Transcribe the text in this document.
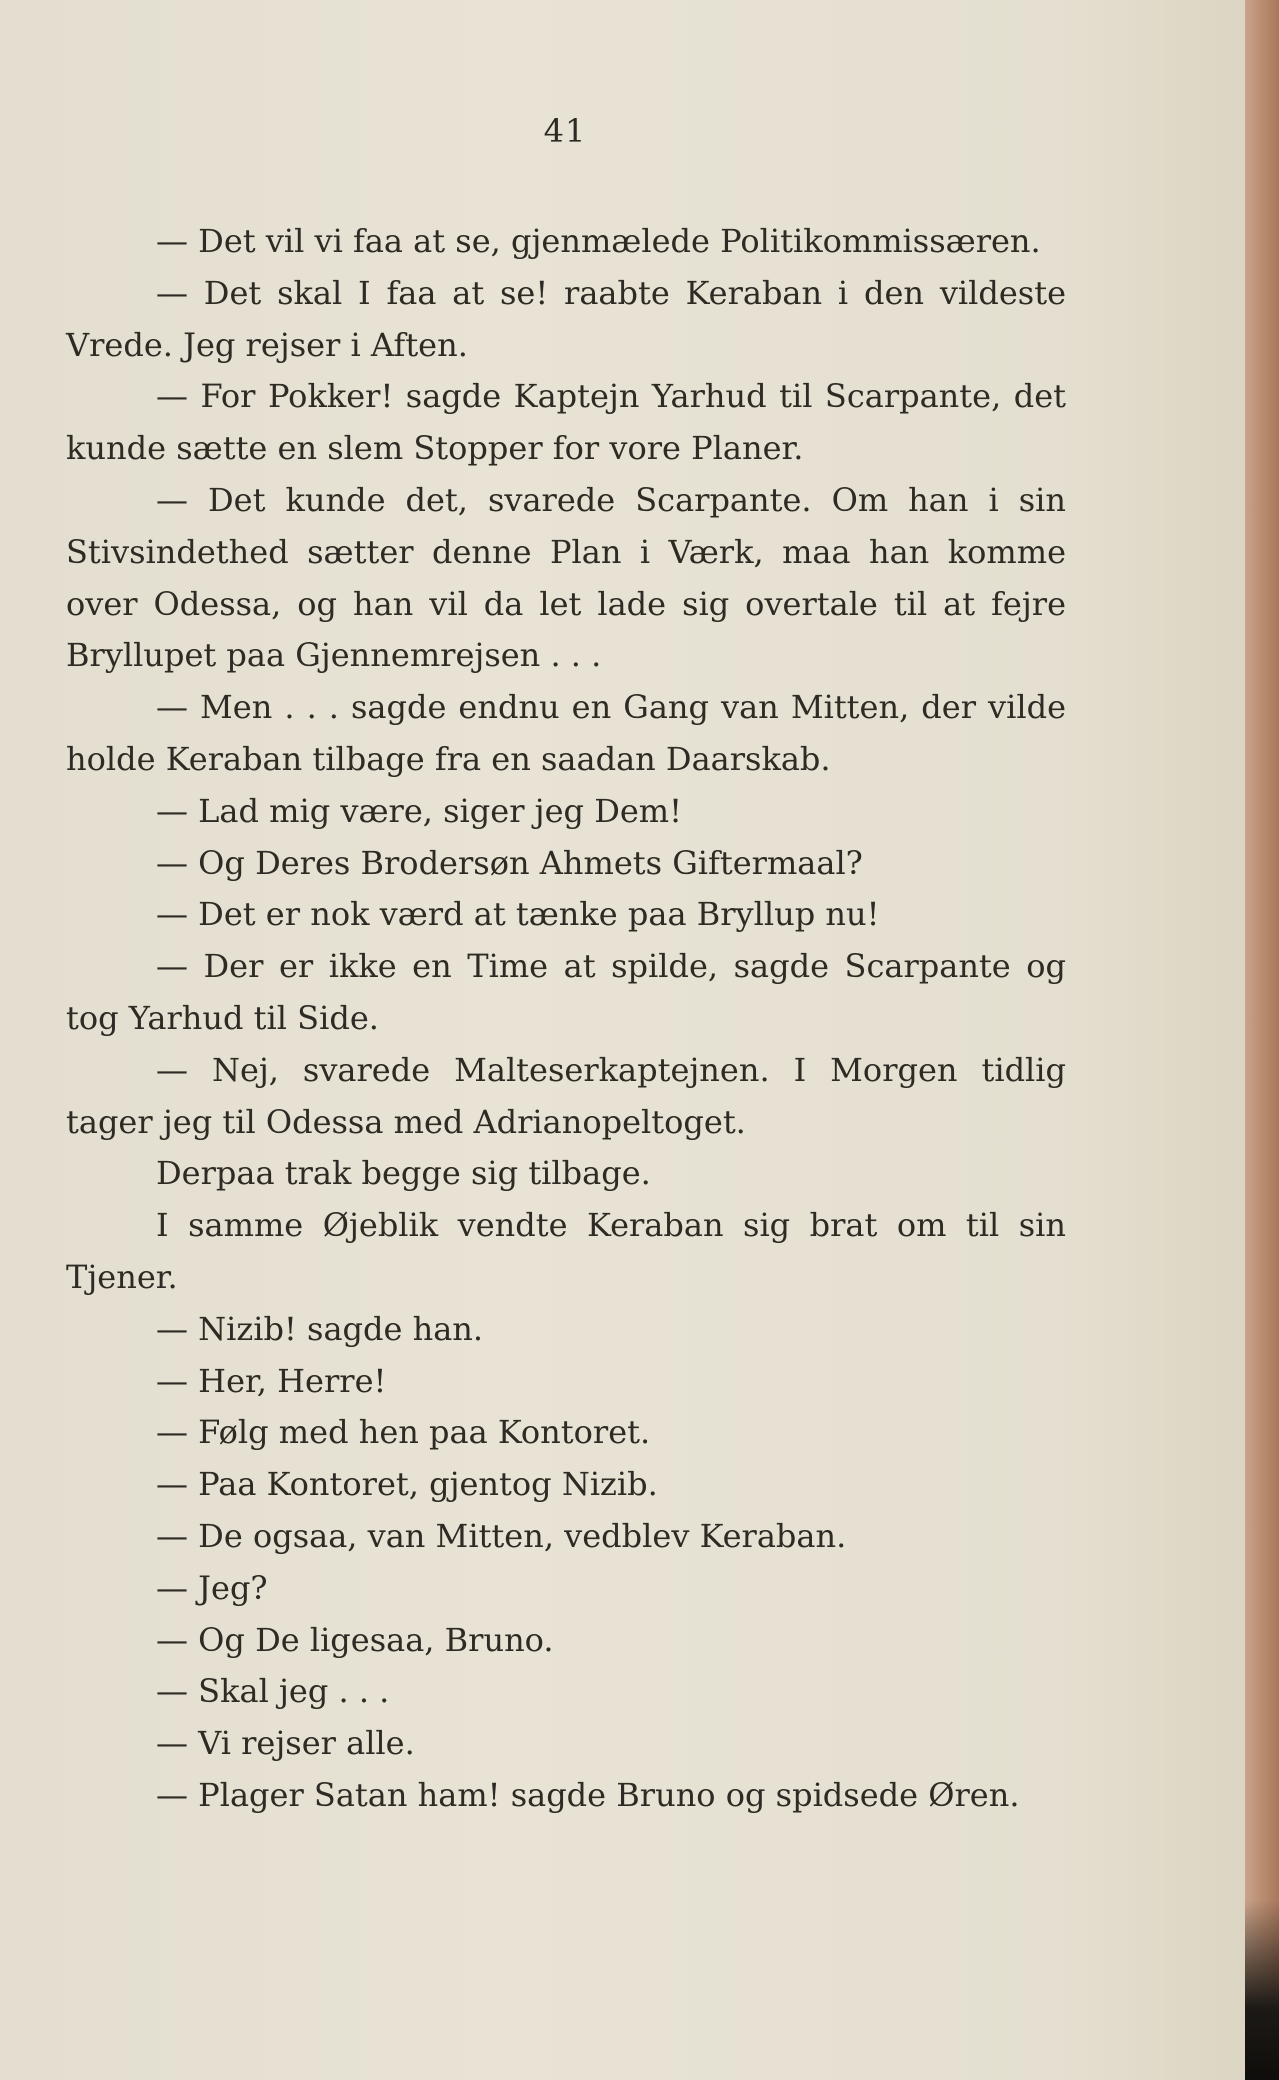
41

— Det vil vi faa at se, gjenmælede Politikommissæren.

— Det skal I faa at se! raabte Keraban i den vildeste Vrede. Jeg rejser i Aften.

— For Pokker! sagde Kaptejn Yarhud til Scarpante, det kunde sætte en slem Stopper for vore Planer.

— Det kunde det, svarede Scarpante. Om han i sin Stivsindethed sætter denne Plan i Værk, maa han komme over Odessa, og han vil da let lade sig overtale til at fejre Bryllupet paa Gjennemrejsen . . .

— Men . . . sagde endnu en Gang van Mitten, der vilde holde Keraban tilbage fra en saadan Daarskab.

— Lad mig være, siger jeg Dem!

— Og Deres Brodersøn Ahmets Giftermaal?

— Det er nok værd at tænke paa Bryllup nu!

— Der er ikke en Time at spilde, sagde Scarpante og tog Yarhud til Side.

— Nej, svarede Malteserkaptejnen. I Morgen tidlig tager jeg til Odessa med Adrianopeltoget.

Derpaa trak begge sig tilbage.

I samme Øjeblik vendte Keraban sig brat om til sin Tjener.

— Nizib! sagde han.

— Her, Herre!

— Følg med hen paa Kontoret.

— Paa Kontoret, gjentog Nizib.

— De ogsaa, van Mitten, vedblev Keraban.

— Jeg?

— Og De ligesaa, Bruno.

— Skal jeg . . .

— Vi rejser alle.

— Plager Satan ham! sagde Bruno og spidsede Øren.
